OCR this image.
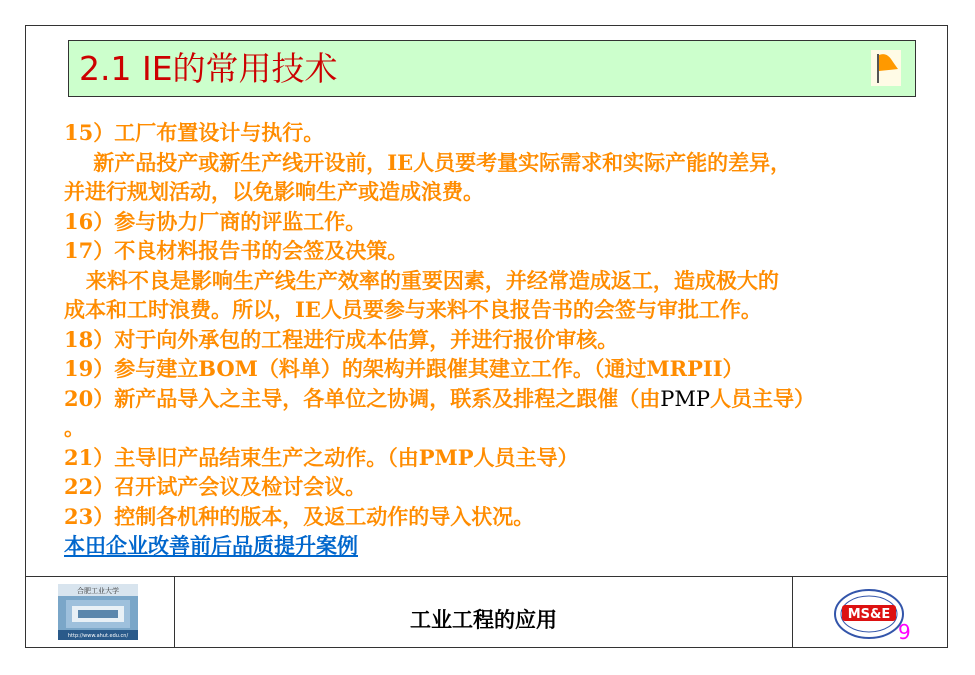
2.1 IE的常用技术
15）工厂布置设计与执行。
新产品投产或新生产线开设前，IE人员要考量实际需求和实际产能的差异，
并进行规划活动，以免影响生产或造成浪费。
16）参与协力厂商的评监工作。
17）不良材料报告书的会签及决策。
来料不良是影响生产线生产效率的重要因素，并经常造成返工，造成极大的
成本和工时浪费。所以，IE人员要参与来料不良报告书的会签与审批工作。
18）对于向外承包的工程进行成本估算，并进行报价审核。
19）参与建立BOM（料单）的架构并跟催其建立工作。（通过MRPII）
20）新产品导入之主导，各单位之协调，联系及排程之跟催（由PMP人员主导）
。
21）主导旧产品结束生产之动作。（由PMP人员主导）
22）召开试产会议及检讨会议。
23）控制各机种的版本，及返工动作的导入状况。
本田企业改善前后品质提升案例
合肥工业大学
http://www.ahut.edu.cn/
工业工程的应用	MS&E
9
